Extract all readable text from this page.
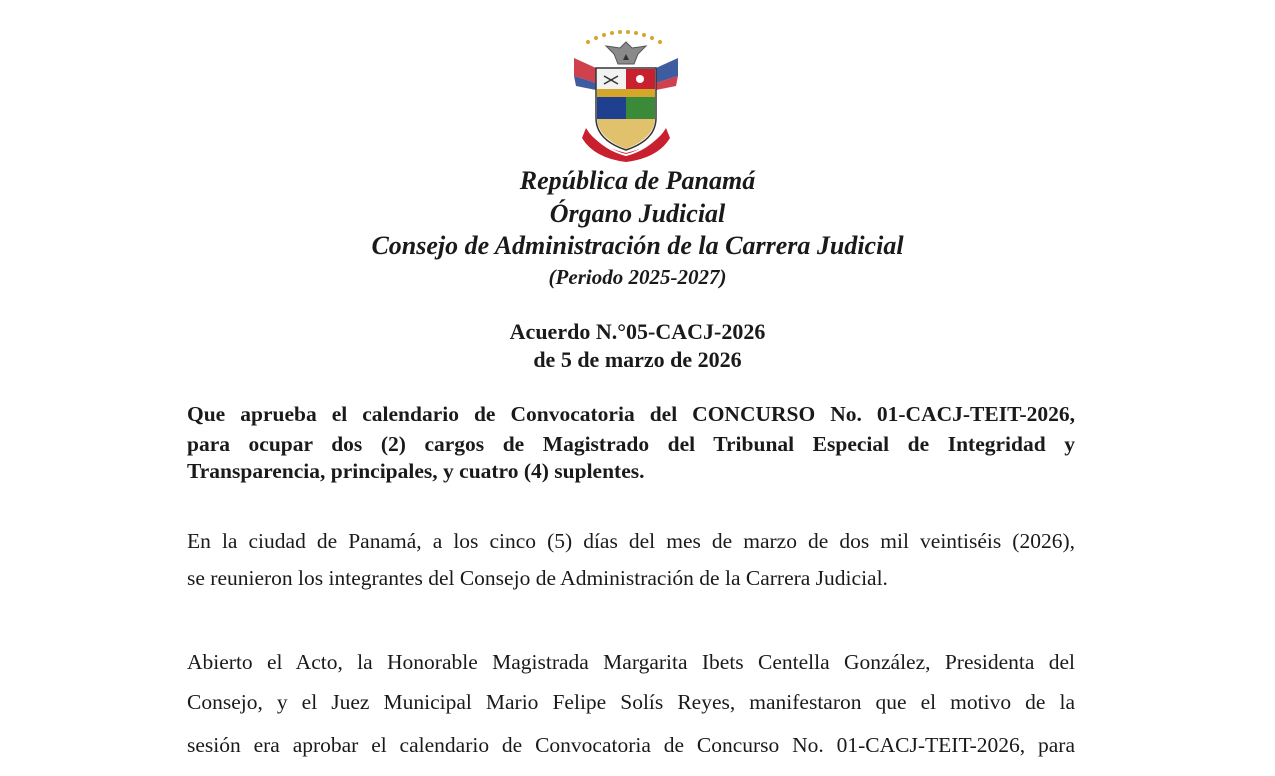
República de Panamá
Órgano Judicial
Consejo de Administración de la Carrera Judicial
(Periodo 2025-2027)
Acuerdo N.°05-CACJ-2026
de 5 de marzo de 2026
Que aprueba el calendario de Convocatoria del CONCURSO No. 01-CACJ-TEIT-2026,
para ocupar dos (2) cargos de Magistrado del Tribunal Especial de Integridad y
Transparencia, principales, y cuatro (4) suplentes.
En la ciudad de Panamá, a los cinco (5) días del mes de marzo de dos mil veintiséis (2026),
se reunieron los integrantes del Consejo de Administración de la Carrera Judicial.
Abierto el Acto, la Honorable Magistrada Margarita Ibets Centella González, Presidenta del
Consejo, y el Juez Municipal Mario Felipe Solís Reyes, manifestaron que el motivo de la
sesión era aprobar el calendario de Convocatoria de Concurso No. 01-CACJ-TEIT-2026, para
